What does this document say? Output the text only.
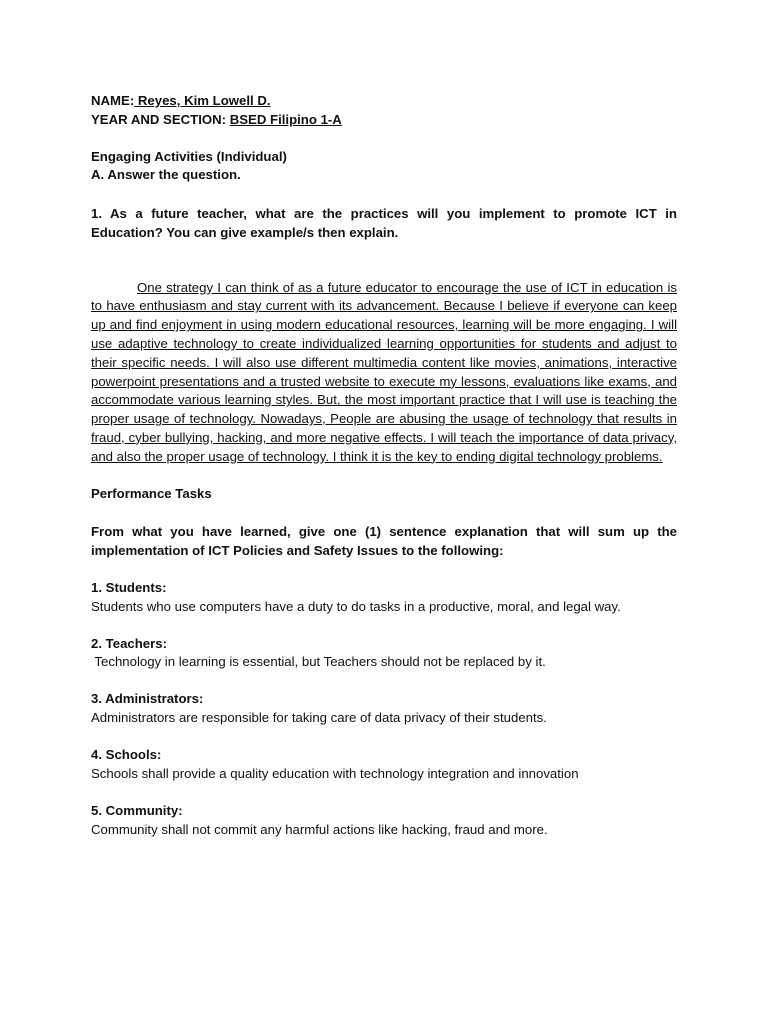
NAME: Reyes, Kim Lowell D.
YEAR AND SECTION: BSED Filipino 1-A
Engaging Activities (Individual)
A. Answer the question.
1. As a future teacher, what are the practices will you implement to promote ICT in Education? You can give example/s then explain.
One strategy I can think of as a future educator to encourage the use of ICT in education is to have enthusiasm and stay current with its advancement. Because I believe if everyone can keep up and find enjoyment in using modern educational resources, learning will be more engaging. I will use adaptive technology to create individualized learning opportunities for students and adjust to their specific needs. I will also use different multimedia content like movies, animations, interactive powerpoint presentations and a trusted website to execute my lessons, evaluations like exams, and accommodate various learning styles. But, the most important practice that I will use is teaching the proper usage of technology. Nowadays, People are abusing the usage of technology that results in fraud, cyber bullying, hacking, and more negative effects. I will teach the importance of data privacy, and also the proper usage of technology. I think it is the key to ending digital technology problems.
Performance Tasks
From what you have learned, give one (1) sentence explanation that will sum up the implementation of ICT Policies and Safety Issues to the following:
1. Students:
Students who use computers have a duty to do tasks in a productive, moral, and legal way.
2. Teachers:
Technology in learning is essential, but Teachers should not be replaced by it.
3. Administrators:
Administrators are responsible for taking care of data privacy of their students.
4. Schools:
Schools shall provide a quality education with technology integration and innovation
5. Community:
Community shall not commit any harmful actions like hacking, fraud and more.
